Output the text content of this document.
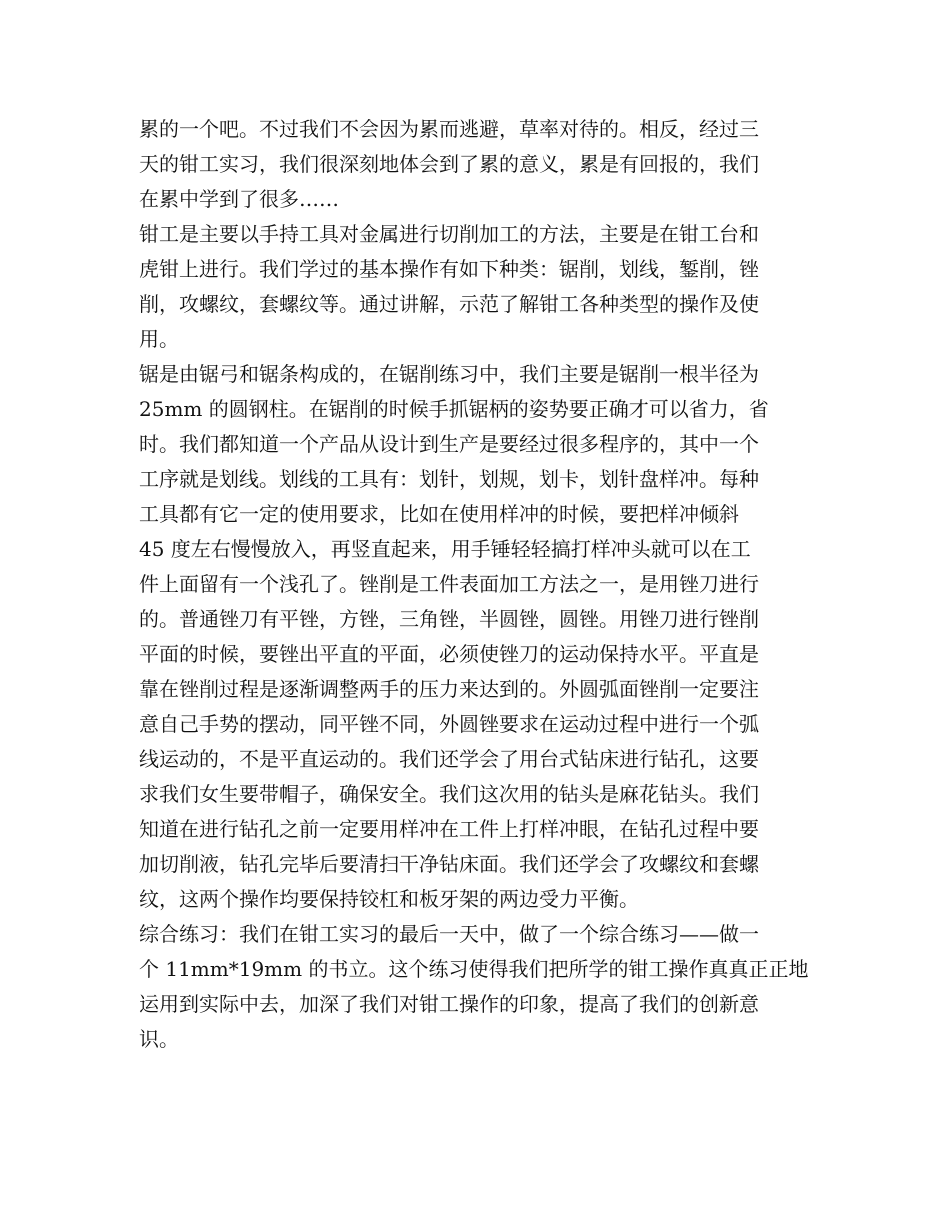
累的一个吧。不过我们不会因为累而逃避，草率对待的。相反，经过三
天的钳工实习，我们很深刻地体会到了累的意义，累是有回报的，我们
在累中学到了很多……
钳工是主要以手持工具对金属进行切削加工的方法，主要是在钳工台和
虎钳上进行。我们学过的基本操作有如下种类：锯削，划线，錾削，锉
削，攻螺纹，套螺纹等。通过讲解，示范了解钳工各种类型的操作及使
用。
锯是由锯弓和锯条构成的，在锯削练习中，我们主要是锯削一根半径为
25mm 的圆钢柱。在锯削的时候手抓锯柄的姿势要正确才可以省力，省
时。我们都知道一个产品从设计到生产是要经过很多程序的，其中一个
工序就是划线。划线的工具有：划针，划规，划卡，划针盘样冲。每种
工具都有它一定的使用要求，比如在使用样冲的时候，要把样冲倾斜
45 度左右慢慢放入，再竖直起来，用手锤轻轻搞打样冲头就可以在工
件上面留有一个浅孔了。锉削是工件表面加工方法之一，是用锉刀进行
的。普通锉刀有平锉，方锉，三角锉，半圆锉，圆锉。用锉刀进行锉削
平面的时候，要锉出平直的平面，必须使锉刀的运动保持水平。平直是
靠在锉削过程是逐渐调整两手的压力来达到的。外圆弧面锉削一定要注
意自己手势的摆动，同平锉不同，外圆锉要求在运动过程中进行一个弧
线运动的，不是平直运动的。我们还学会了用台式钻床进行钻孔，这要
求我们女生要带帽子，确保安全。我们这次用的钻头是麻花钻头。我们
知道在进行钻孔之前一定要用样冲在工件上打样冲眼，在钻孔过程中要
加切削液，钻孔完毕后要清扫干净钻床面。我们还学会了攻螺纹和套螺
纹，这两个操作均要保持铰杠和板牙架的两边受力平衡。
综合练习：我们在钳工实习的最后一天中，做了一个综合练习——做一
个 11mm*19mm 的书立。这个练习使得我们把所学的钳工操作真真正正地
运用到实际中去，加深了我们对钳工操作的印象，提高了我们的创新意
识。
